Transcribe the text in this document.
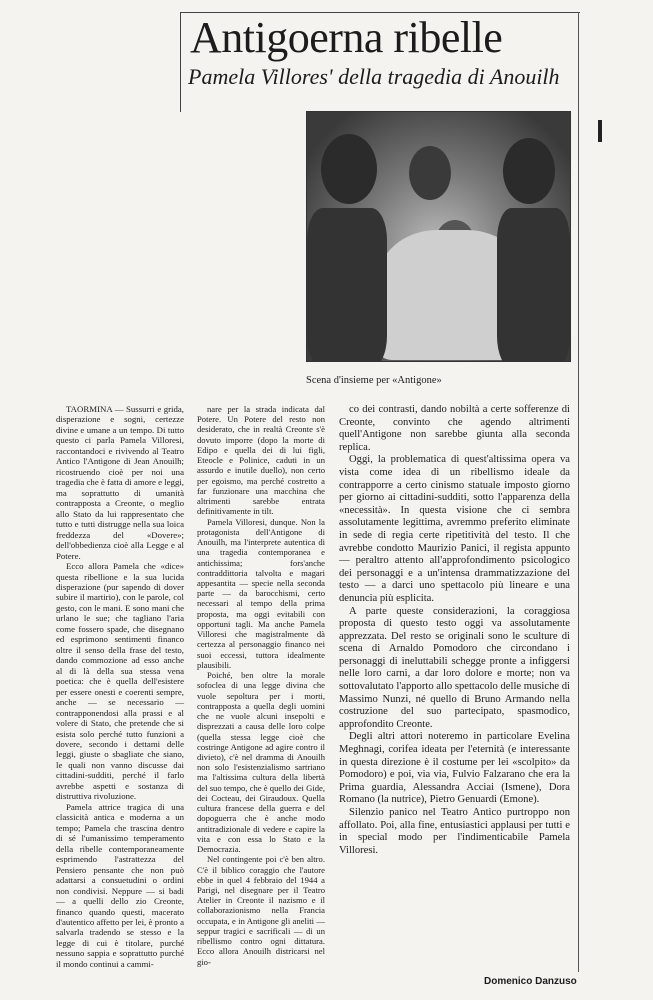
Antigoerna ribelle
Pamela Villores' della tragedia di Anouilh
Scena d'insieme per «Antigone»

TAORMINA — Sussurri e grida, disperazione e sogni, certezze divine e umane a un tempo. Di tutto questo ci parla Pamela Villoresi, raccontandoci e rivivendo al Teatro Antico l'Antigone di Jean Anouilh; ricostruendo cioè per noi una tragedia che è fatta di amore e leggi, ma soprattutto di umanità contrapposta a Creonte, o meglio allo Stato da lui rappresentato che tutto e tutti distrugge nella sua loica freddezza del «Dovere»; dell'obbedienza cioè alla Legge e al Potere.

Ecco allora Pamela che «dice» questa ribellione e la sua lucida disperazione (pur sapendo di dover subire il martirio), con le parole, col gesto, con le mani. E sono mani che urlano le sue; che tagliano l'aria come fossero spade, che disegnano ed esprimono sentimenti financo oltre il senso della frase del testo, dando commozione ad esso anche al di là della sua stessa vena poetica: che è quella dell'esistere per essere onesti e coerenti sempre, anche — se necessario — contrapponendosi alla prassi e al volere di Stato, che pretende che si esista solo perché tutto funzioni a dovere, secondo i dettami delle leggi, giuste o sbagliate che siano, le quali non vanno discusse dai cittadini-sudditi, perché il farlo avrebbe aspetti e sostanza di distruttiva rivoluzione.

Pamela attrice tragica di una classicità antica e moderna a un tempo; Pamela che trascina dentro di sé l'umanissimo temperamento della ribelle contemporaneamente esprimendo l'astrattezza del Pensiero pensante che non può adattarsi a consuetudini o ordini non condivisi. Neppure — si badi — a quelli dello zio Creonte, financo quando questi, macerato d'autentico affetto per lei, è pronto a salvarla tradendo se stesso e la legge di cui è titolare, purché nessuno sappia e soprattutto purché il mondo continui a cammi-

nare per la strada indicata dal Potere. Un Potere del resto non desiderato, che in realtà Creonte s'è dovuto imporre (dopo la morte di Edipo e quella dei di lui figli, Eteocle e Polinice, caduti in un assurdo e inutile duello), non certo per egoismo, ma perché costretto a far funzionare una macchina che altrimenti sarebbe entrata definitivamente in tilt.

Pamela Villoresi, dunque. Non la protagonista dell'Antigone di Anouilh, ma l'interprete autentica di una tragedia contemporanea e antichissima; fors'anche contraddittoria talvolta e magari appesantita — specie nella seconda parte — da barocchismi, certo necessari al tempo della prima proposta, ma oggi evitabili con opportuni tagli. Ma anche Pamela Villoresi che magistralmente dà certezza al personaggio financo nei suoi eccessi, tuttora idealmente plausibili.

Poiché, ben oltre la morale sofoclea di una legge divina che vuole sepoltura per i morti, contrapposta a quella degli uomini che ne vuole alcuni insepolti e disprezzati a causa delle loro colpe (quella stessa legge cioè che costringe Antigone ad agire contro il divieto), c'è nel dramma di Anouilh non solo l'esistenzialismo sartriano ma l'altissima cultura della libertà del suo tempo, che è quello dei Gide, dei Cocteau, dei Giraudoux. Quella cultura francese della guerra e del dopoguerra che è anche modo antitradizionale di vedere e capire la vita e con essa lo Stato e la Democrazia.

Nel contingente poi c'è ben altro. C'è il biblico coraggio che l'autore ebbe in quel 4 febbraio del 1944 a Parigi, nel disegnare per il Teatro Atelier in Creonte il nazismo e il collaborazionismo nella Francia occupata, e in Antigone gli aneliti — seppur tragici e sacrificali — di un ribellismo contro ogni dittatura. Ecco allora Anouilh districarsi nel gio-

co dei contrasti, dando nobiltà a certe sofferenze di Creonte, convinto che agendo altrimenti quell'Antigone non sarebbe giunta alla seconda replica.

Oggi, la problematica di quest'altissima opera va vista come idea di un ribellismo ideale da contrapporre a certo cinismo statuale imposto giorno per giorno ai cittadini-sudditi, sotto l'apparenza della «necessità». In questa visione che ci sembra assolutamente legittima, avremmo preferito eliminate in sede di regia certe ripetitività del testo. Il che avrebbe condotto Maurizio Panici, il regista appunto — peraltro attento all'approfondimento psicologico dei personaggi e a un'intensa drammatizzazione del testo — a darci uno spettacolo più lineare e una denuncia più esplicita.

A parte queste considerazioni, la coraggiosa proposta di questo testo oggi va assolutamente apprezzata. Del resto se originali sono le sculture di scena di Arnaldo Pomodoro che circondano i personaggi di ineluttabili schegge pronte a infiggersi nelle loro carni, a dar loro dolore e morte; non va sottovalutato l'apporto allo spettacolo delle musiche di Massimo Nunzi, né quello di Bruno Armando nella costruzione del suo partecipato, spasmodico, approfondito Creonte.

Degli altri attori noteremo in particolare Evelina Meghnagi, corifea ideata per l'eternità (e interessante in questa direzione è il costume per lei «scolpito» da Pomodoro) e poi, via via, Fulvio Falzarano che era la Prima guardia, Alessandra Acciai (Ismene), Dora Romano (la nutrice), Pietro Genuardi (Emone).

Silenzio panico nel Teatro Antico purtroppo non affollato. Poi, alla fine, entusiastici applausi per tutti e in special modo per l'indimenticabile Pamela Villoresi.

Domenico Danzuso
